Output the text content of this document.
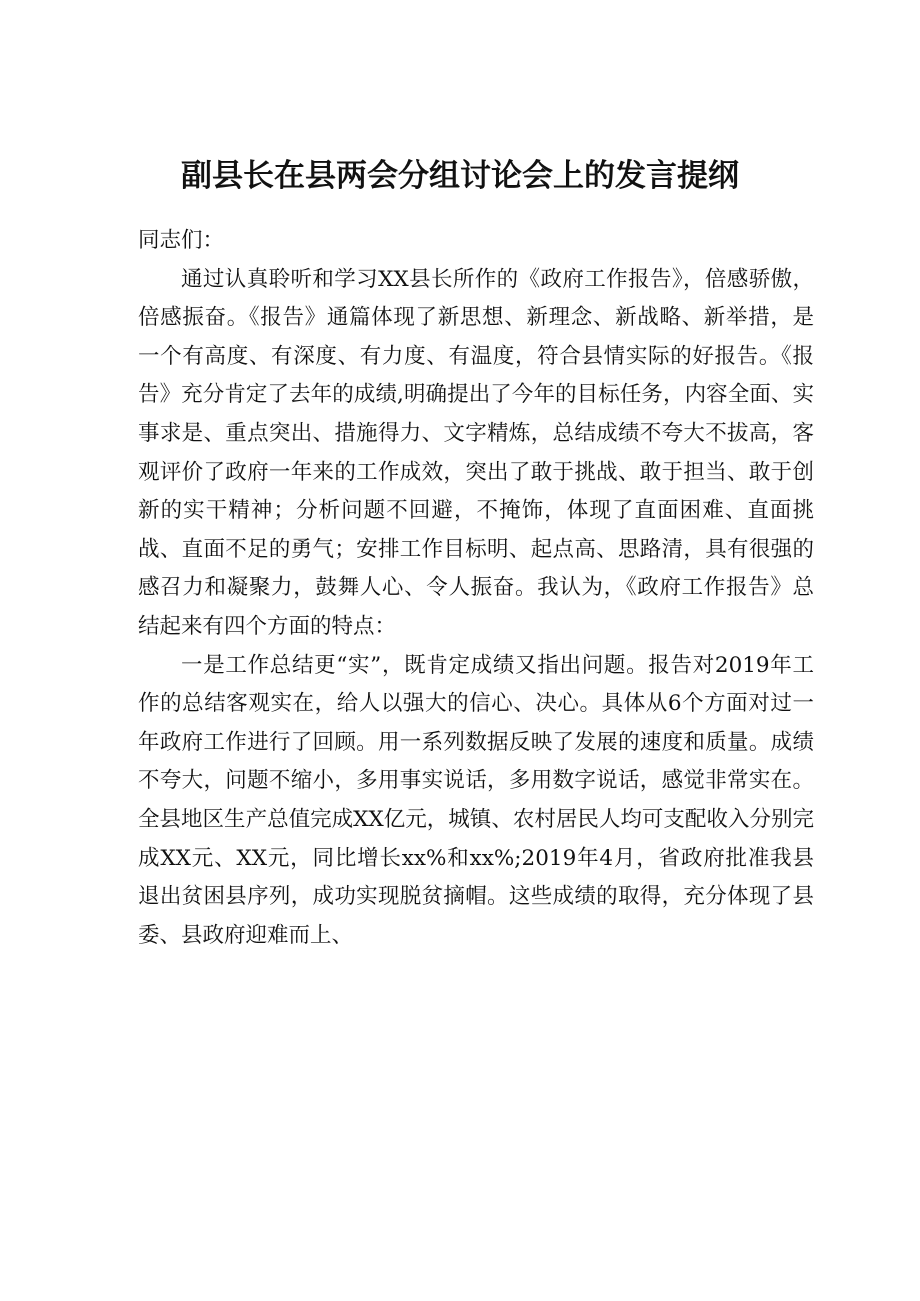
副县长在县两会分组讨论会上的发言提纲

同志们：

通过认真聆听和学习XX县长所作的《政府工作报告》，倍感骄傲，倍感振奋。《报告》通篇体现了新思想、新理念、新战略、新举措，是一个有高度、有深度、有力度、有温度，符合县情实际的好报告。《报告》充分肯定了去年的成绩,明确提出了今年的目标任务，内容全面、实事求是、重点突出、措施得力、文字精炼，总结成绩不夸大不拔高，客观评价了政府一年来的工作成效，突出了敢于挑战、敢于担当、敢于创新的实干精神；分析问题不回避，不掩饰，体现了直面困难、直面挑战、直面不足的勇气；安排工作目标明、起点高、思路清，具有很强的感召力和凝聚力，鼓舞人心、令人振奋。我认为，《政府工作报告》总结起来有四个方面的特点：

一是工作总结更“实”，既肯定成绩又指出问题。报告对2019年工作的总结客观实在，给人以强大的信心、决心。具体从6个方面对过一年政府工作进行了回顾。用一系列数据反映了发展的速度和质量。成绩不夸大，问题不缩小，多用事实说话，多用数字说话，感觉非常实在。全县地区生产总值完成XX亿元，城镇、农村居民人均可支配收入分别完成XX元、XX元，同比增长xx%和xx%;2019年4月，省政府批准我县退出贫困县序列，成功实现脱贫摘帽。这些成绩的取得，充分体现了县委、县政府迎难而上、
